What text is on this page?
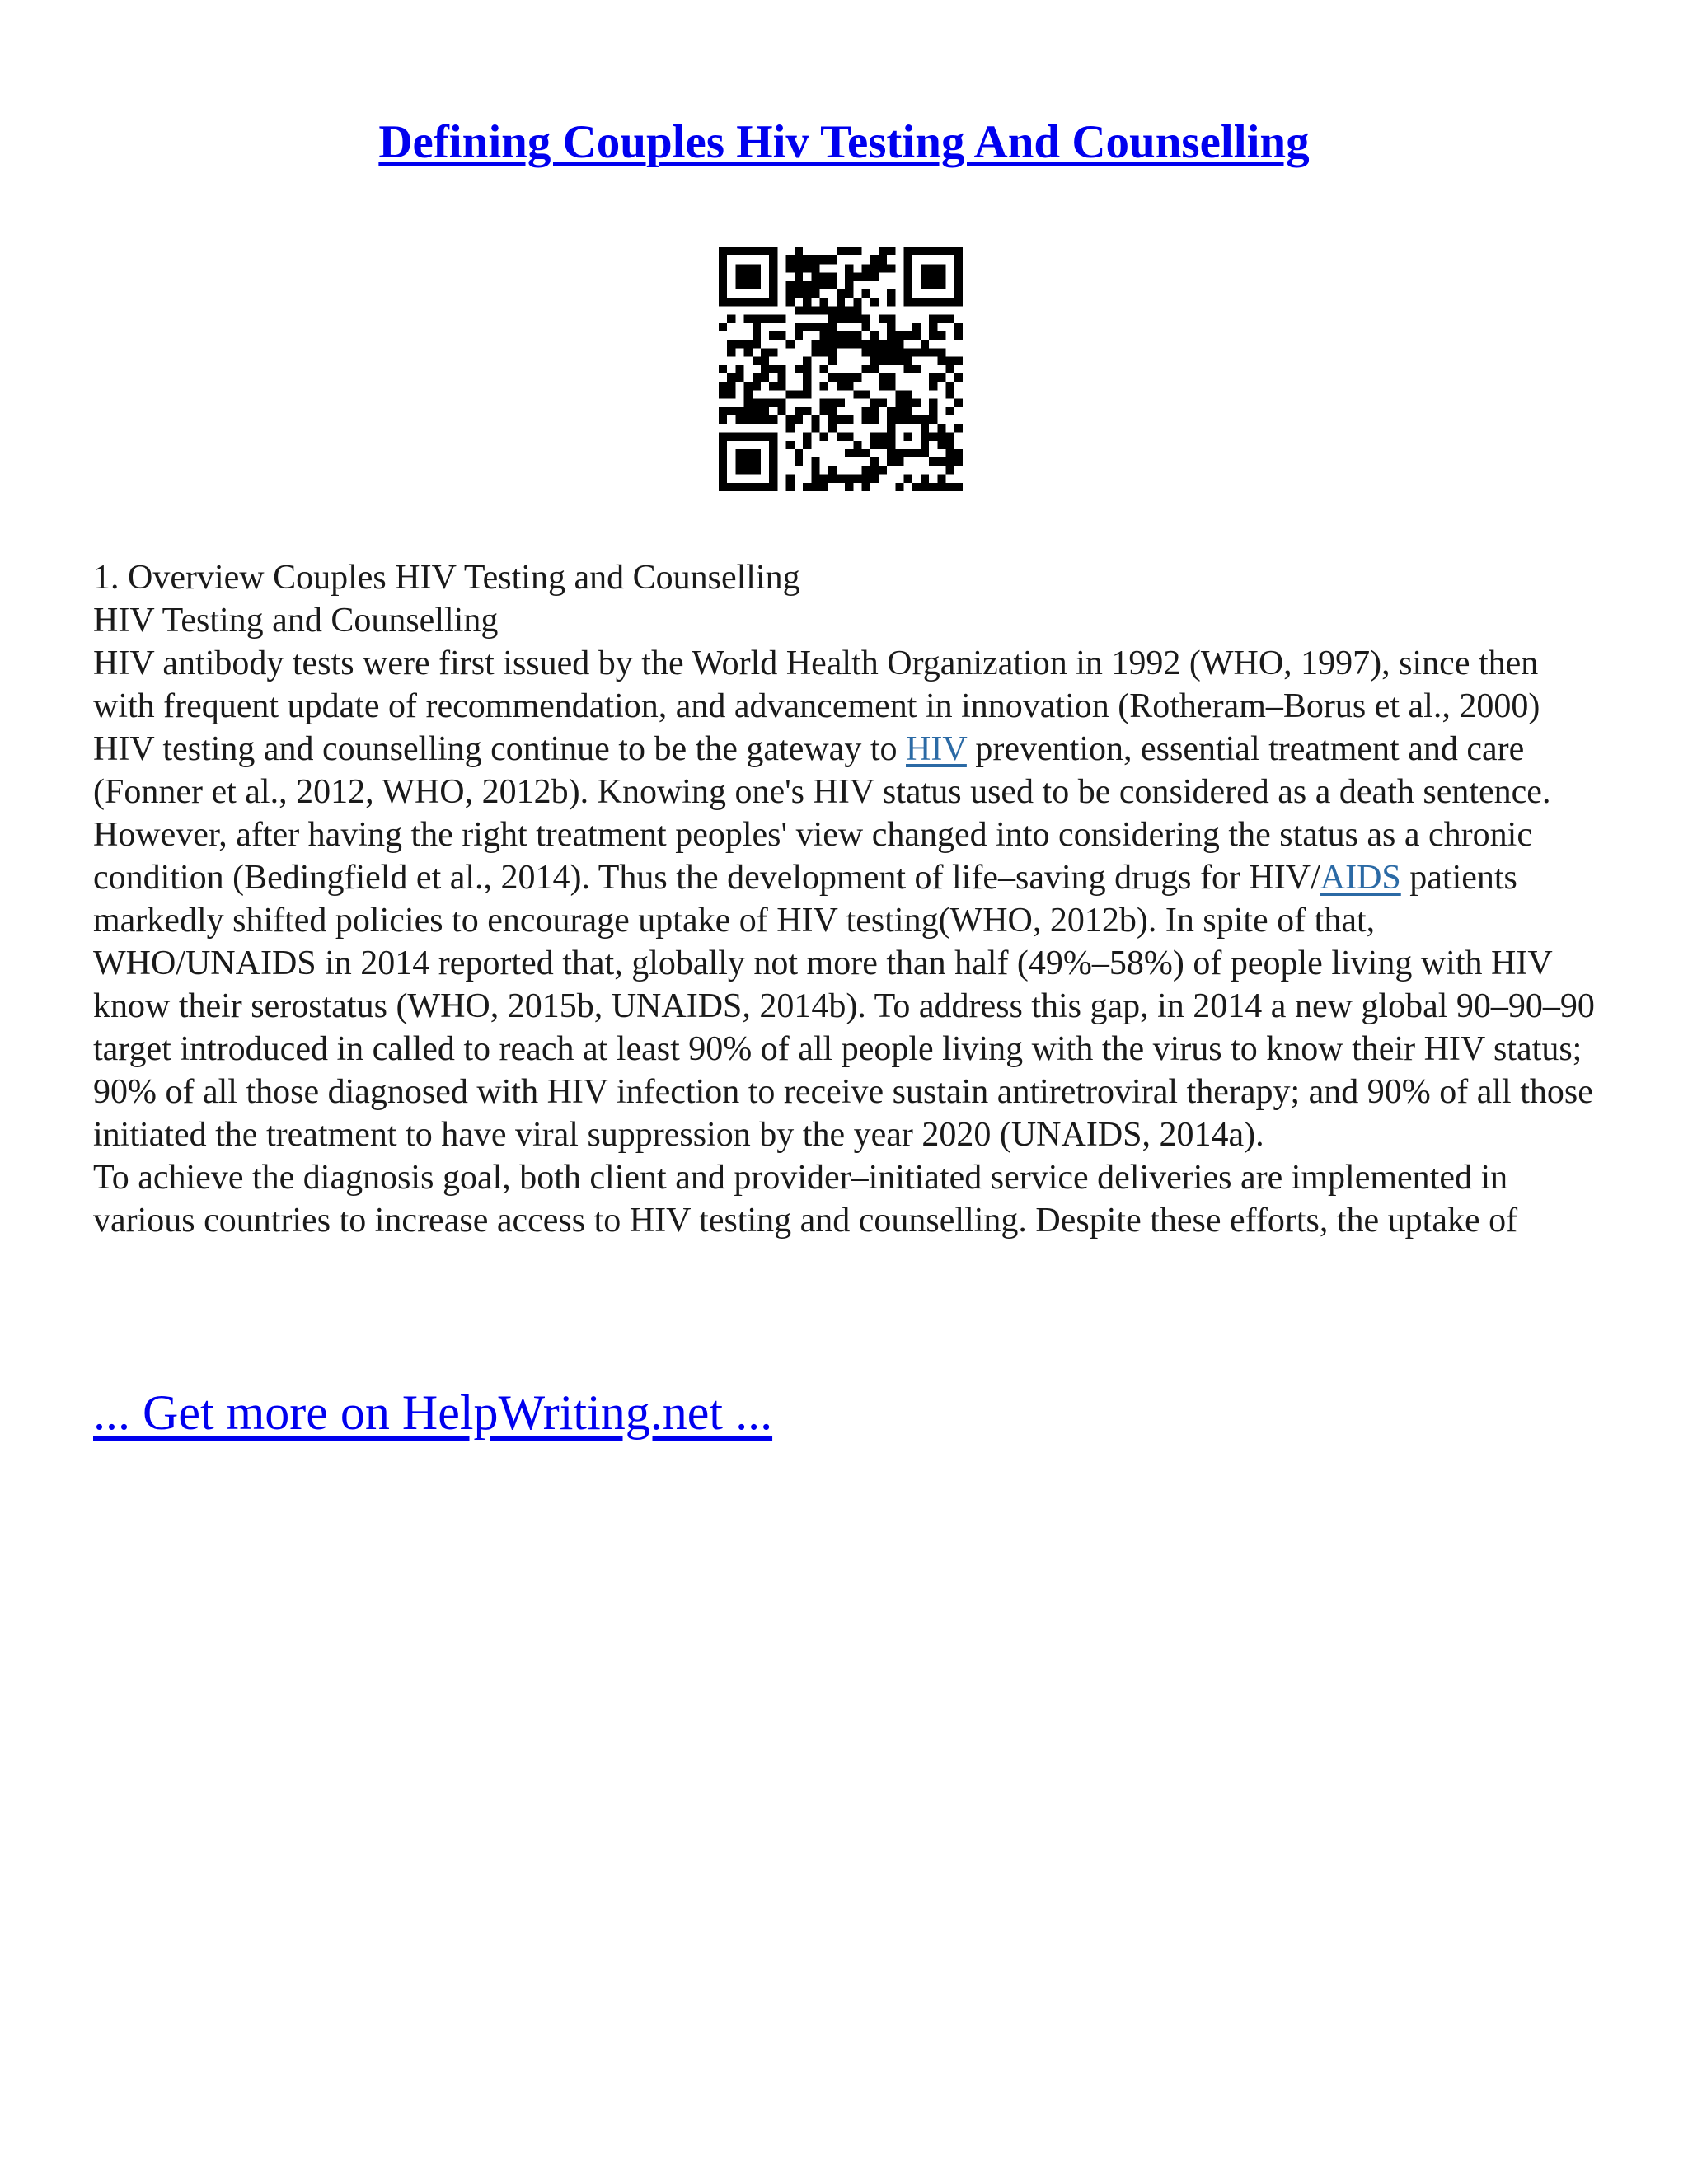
Defining Couples Hiv Testing And Counselling

1. Overview Couples HIV Testing and Counselling

HIV Testing and Counselling

HIV antibody tests were first issued by the World Health Organization in 1992 (WHO, 1997), since then with frequent update of recommendation, and advancement in innovation (Rotheram–Borus et al., 2000) HIV testing and counselling continue to be the gateway to HIV prevention, essential treatment and care (Fonner et al., 2012, WHO, 2012b). Knowing one's HIV status used to be considered as a death sentence. However, after having the right treatment peoples' view changed into considering the status as a chronic condition (Bedingfield et al., 2014). Thus the development of life–saving drugs for HIV/AIDS patients markedly shifted policies to encourage uptake of HIV testing(WHO, 2012b). In spite of that, WHO/UNAIDS in 2014 reported that, globally not more than half (49%–58%) of people living with HIV know their serostatus (WHO, 2015b, UNAIDS, 2014b). To address this gap, in 2014 a new global 90–90–90 target introduced in called to reach at least 90% of all people living with the virus to know their HIV status; 90% of all those diagnosed with HIV infection to receive sustain antiretroviral therapy; and 90% of all those initiated the treatment to have viral suppression by the year 2020 (UNAIDS, 2014a).

To achieve the diagnosis goal, both client and provider–initiated service deliveries are implemented in various countries to increase access to HIV testing and counselling. Despite these efforts, the uptake of

... Get more on HelpWriting.net ...
